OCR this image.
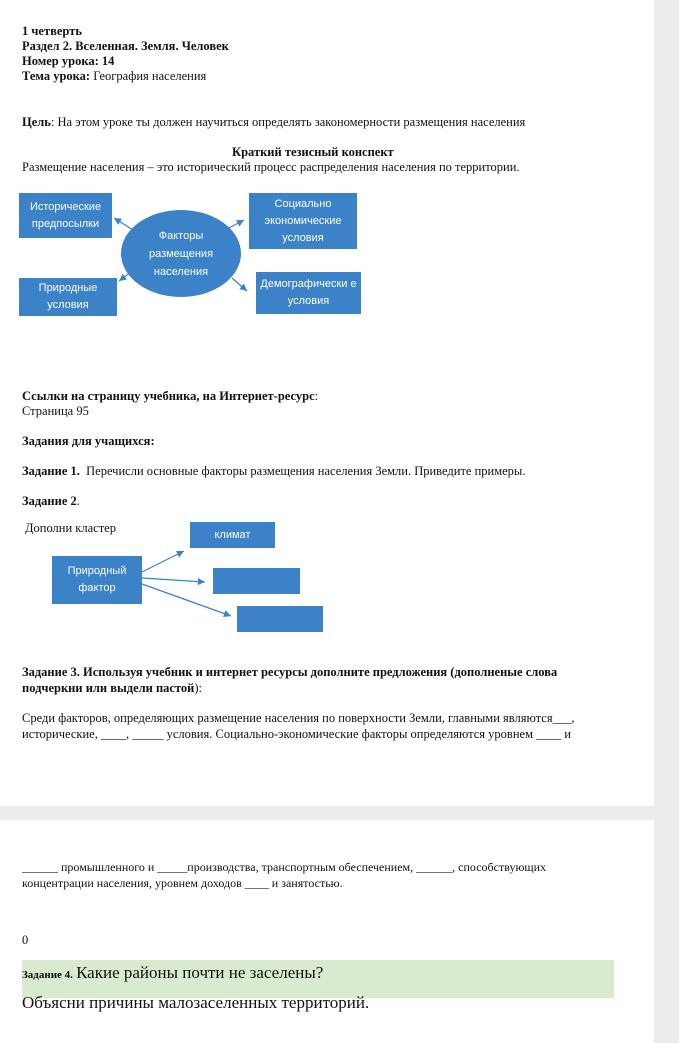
1 четверть
Раздел 2. Вселенная. Земля. Человек
Номер урока: 14
Тема урока: География населения
Цель: На этом уроке ты должен научиться определять закономерности размещения населения
Краткий тезисный конспект
Размещение населения – это исторический процесс распределения населения по территории.
Исторические предпосылки
Социально экономические условия
Факторы размещения населения
Природные условия
Демографически е условия
Ссылки на страницу учебника, на Интернет-ресурс:
Страница 95
Задания для учащихся:
Задание 1. Перечисли основные факторы размещения населения Земли. Приведите примеры.
Задание 2.
Дополни кластер	климат
Природный фактор
Задание 3. Используя учебник и интернет ресурсы дополните предложения (дополненые слова
подчеркни или выдели пастой):
Среди факторов, определяющих размещение населения по поверхности Земли, главными являются___,
исторические, ____, _____ условия. Социально-экономические факторы определяются уровнем ____ и
______ промышленного и _____производства, транспортным обеспечением, ______, способствующих
концентрации населения, уровнем доходов ____ и занятостью.
0
Задание 4. Какие районы почти не заселены?
Объясни причины малозаселенных территорий.
